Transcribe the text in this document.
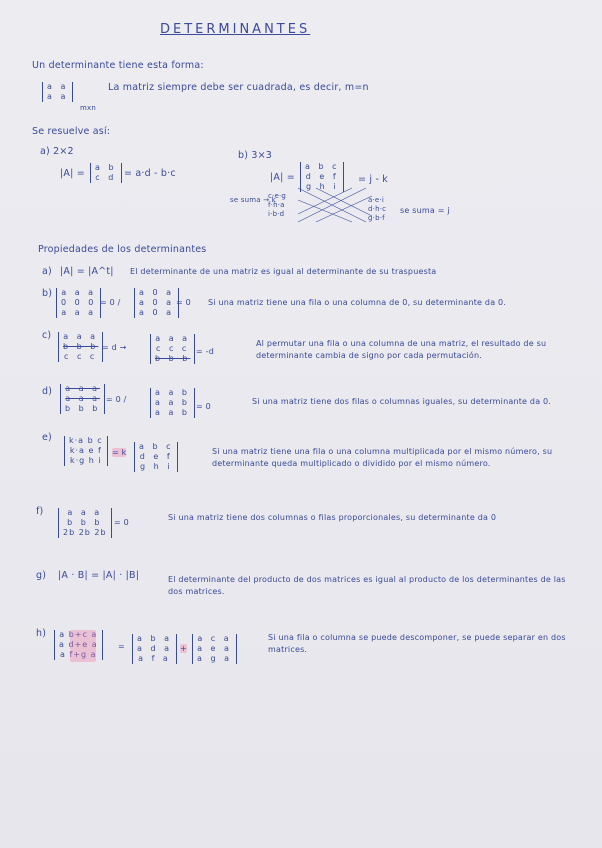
DETERMINANTES
Un determinante tiene esta forma:
a a
a a
mxn
La matriz siempre debe ser cuadrada, es decir, m=n
Se resuelve así:
a) 2×2
|A| =
a b
c d = a·d - b·c
b) 3×3
|A| =
a b c
d e f
g h i
= j - k
se suma → k
c·e·g
f·h·a
i·b·d
a·e·i
d·h·c
g·b·f
se suma = j
Propiedades de los determinantes
a) |A| = |A^t| El determinante de una matriz es igual al determinante de su traspuesta
b) a a a
0 0 0
a a a
= 0 /
a 0 a
a 0 a
a 0 a
= 0 Si una matriz tiene una fila o una columna de 0, su determinante da 0.
c) a a a
b b b
c c c
= d →
a a a
c c c
b b b
= -d
Al permutar una fila o una columna de una matriz, el resultado de su determinante cambia de signo por cada permutación.
d) a a a
a a a
b b b
= 0 /
a a b
a a b
a a b
= 0
Si una matriz tiene dos filas o columnas iguales, su determinante da 0.
e) k·a b c
k·a e f
k·g h i
= k
a b c
d e f
g h i
Si una matriz tiene una fila o una columna multiplicada por el mismo número, su determinante queda multiplicado o dividido por el mismo número.
f)	a a a
b b b
2b 2b 2b
= 0
Si una matriz tiene dos columnas o filas proporcionales, su determinante da 0
g) |A · B| = |A| · |B|	El determinante del producto de dos matrices es igual al producto de los determinantes de las dos matrices.
h) a b+c a
a d+e a
a f+g a
=
a b a
a d a
a f a
+
a c a
a e a
a g a
Si una fila o columna se puede descomponer, se puede separar en dos matrices.
